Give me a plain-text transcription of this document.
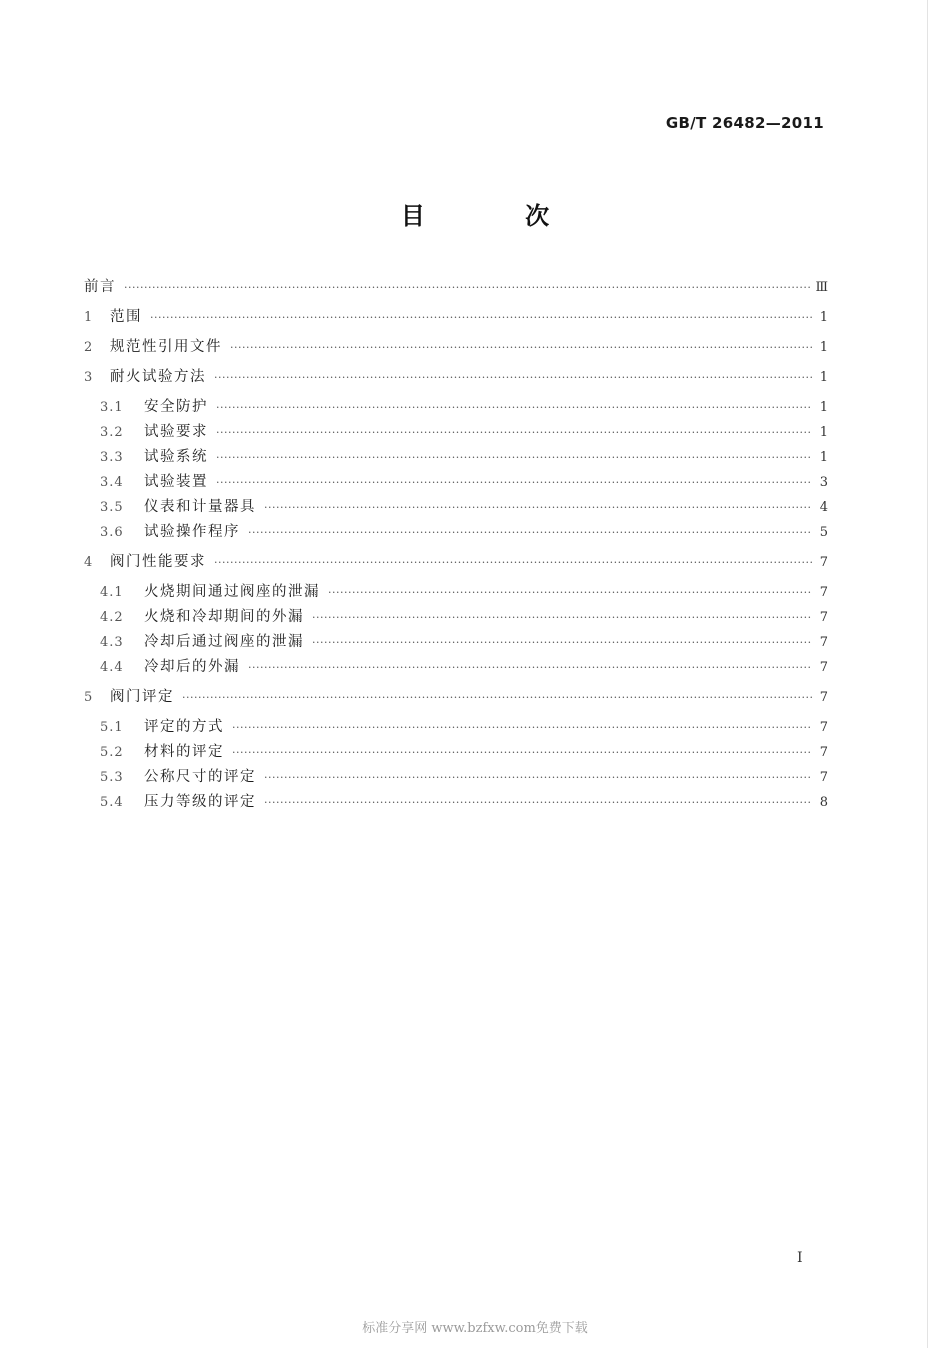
GB/T 26482—2011
目 次
前言 ·····	Ⅲ
1	范围 ·····	1
2	规范性引用文件 ·····	1
3	耐火试验方法 ·····	1
3.1	安全防护 ·····	1
3.2	试验要求 ·····	1
3.3	试验系统 ·····	1
3.4	试验装置 ·····	3
3.5	仪表和计量器具 ·····	4
3.6	试验操作程序 ·····	5
4	阀门性能要求 ·····	7
4.1	火烧期间通过阀座的泄漏 ·····	7
4.2	火烧和冷却期间的外漏 ·····	7
4.3	冷却后通过阀座的泄漏 ·····	7
4.4	冷却后的外漏 ·····	7
5	阀门评定 ·····	7
5.1	评定的方式 ·····	7
5.2	材料的评定 ·····	7
5.3	公称尺寸的评定 ·····	7
5.4	压力等级的评定 ·····	8
I
标准分享网 www.bzfxw.com免费下载
